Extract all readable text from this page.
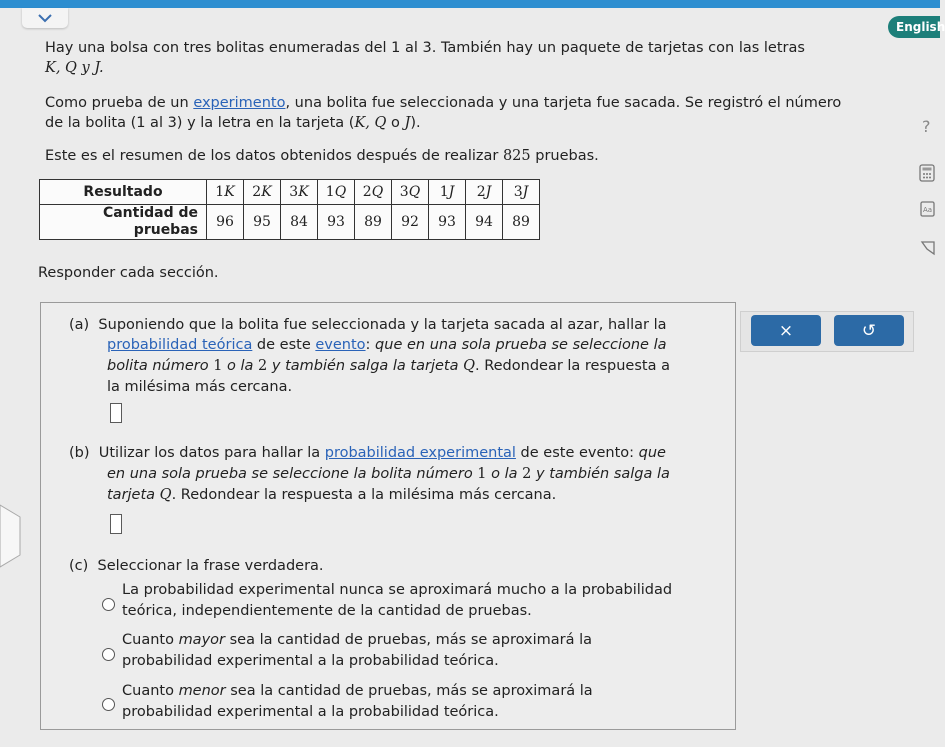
English
Hay una bolsa con tres bolitas enumeradas del 1 al 3. También hay un paquete de tarjetas con las letras
K, Q y J.
Como prueba de un experimento, una bolita fue seleccionada y una tarjeta fue sacada. Se registró el número
de la bolita (1 al 3) y la letra en la tarjeta (K, Q o J).
Este es el resumen de los datos obtenidos después de realizar 825 pruebas.
?
Aa
Resultado	1K	2K	3K	1Q	2Q	3Q	1J	2J	3J
Cantidad de
pruebas	96	95	84	93	89	92	93	94	89
Responder cada sección.
(a) Suponiendo que la bolita fue seleccionada y la tarjeta sacada al azar, hallar la
probabilidad teórica de este evento: que en una sola prueba se seleccione la
bolita número 1 o la 2 y también salga la tarjeta Q. Redondear la respuesta a
la milésima más cercana.
×	↺
(b) Utilizar los datos para hallar la probabilidad experimental de este evento: que
en una sola prueba se seleccione la bolita número 1 o la 2 y también salga la
tarjeta Q. Redondear la respuesta a la milésima más cercana.
(c) Seleccionar la frase verdadera.
La probabilidad experimental nunca se aproximará mucho a la probabilidad
teórica, independientemente de la cantidad de pruebas.
Cuanto mayor sea la cantidad de pruebas, más se aproximará la
probabilidad experimental a la probabilidad teórica.
Cuanto menor sea la cantidad de pruebas, más se aproximará la
probabilidad experimental a la probabilidad teórica.
